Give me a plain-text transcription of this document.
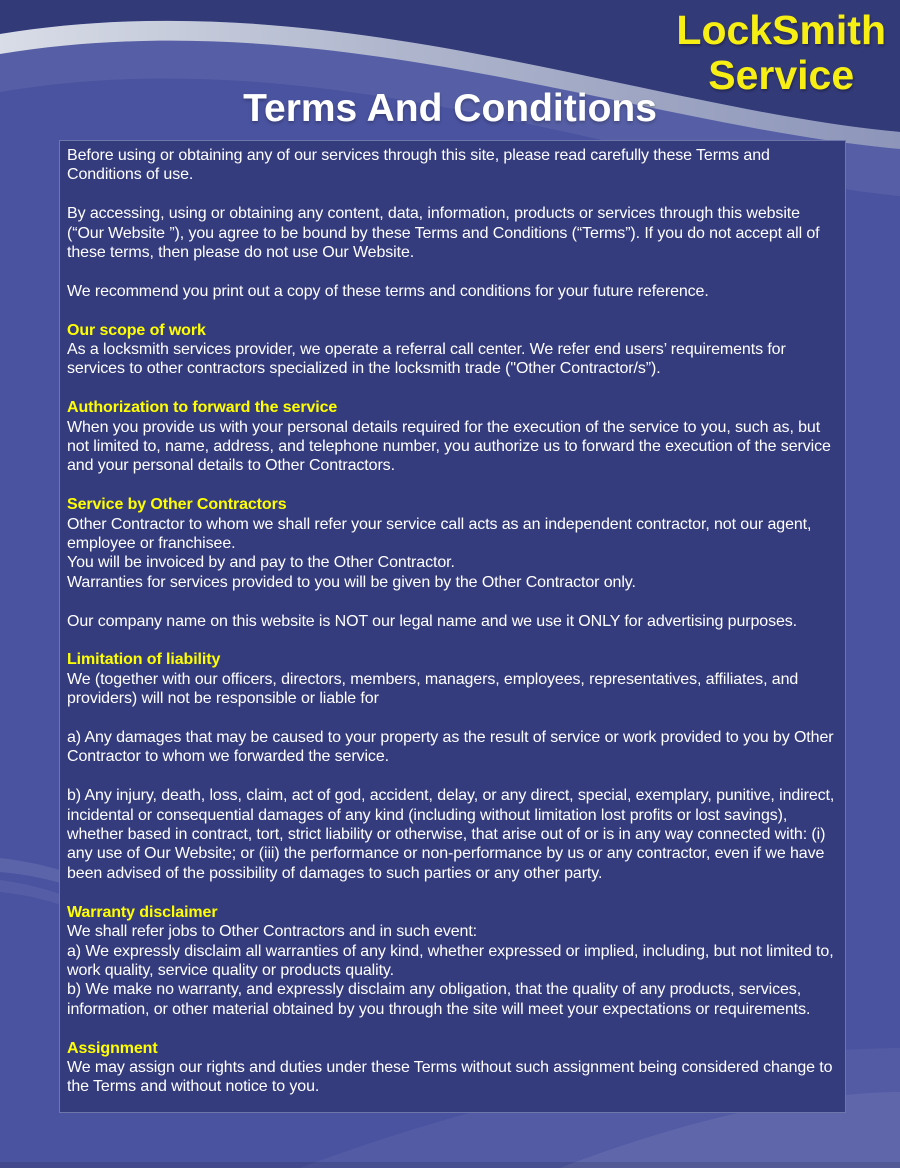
LockSmith
Service
Terms And Conditions
Before using or obtaining any of our services through this site, please read carefully these Terms and Conditions of use.
By accessing, using or obtaining any content, data, information, products or services through this website (“Our Website ”), you agree to be bound by these Terms and Conditions (“Terms”). If you do not accept all of these terms, then please do not use Our Website.
We recommend you print out a copy of these terms and conditions for your future reference.
Our scope of work
As a locksmith services provider, we operate a referral call center. We refer end users’ requirements for services to other contractors specialized in the locksmith trade ("Other Contractor/s”).
Authorization to forward the service
When you provide us with your personal details required for the execution of the service to you, such as, but not limited to, name, address, and telephone number, you authorize us to forward the execution of the service and your personal details to Other Contractors.
Service by Other Contractors
Other Contractor to whom we shall refer your service call acts as an independent contractor, not our agent, employee or franchisee.
You will be invoiced by and pay to the Other Contractor.
Warranties for services provided to you will be given by the Other Contractor only.
Our company name on this website is NOT our legal name and we use it ONLY for advertising purposes.
Limitation of liability
We (together with our officers, directors, members, managers, employees, representatives, affiliates, and providers) will not be responsible or liable for
a) Any damages that may be caused to your property as the result of service or work provided to you by Other Contractor to whom we forwarded the service.
b) Any injury, death, loss, claim, act of god, accident, delay, or any direct, special, exemplary, punitive, indirect, incidental or consequential damages of any kind (including without limitation lost profits or lost savings), whether based in contract, tort, strict liability or otherwise, that arise out of or is in any way connected with: (i) any use of Our Website; or (iii) the performance or non-performance by us or any contractor, even if we have been advised of the possibility of damages to such parties or any other party.
Warranty disclaimer
We shall refer jobs to Other Contractors and in such event:
a) We expressly disclaim all warranties of any kind, whether expressed or implied, including, but not limited to, work quality, service quality or products quality.
b) We make no warranty, and expressly disclaim any obligation, that the quality of any products, services, information, or other material obtained by you through the site will meet your expectations or requirements.
Assignment
We may assign our rights and duties under these Terms without such assignment being considered change to the Terms and without notice to you.
